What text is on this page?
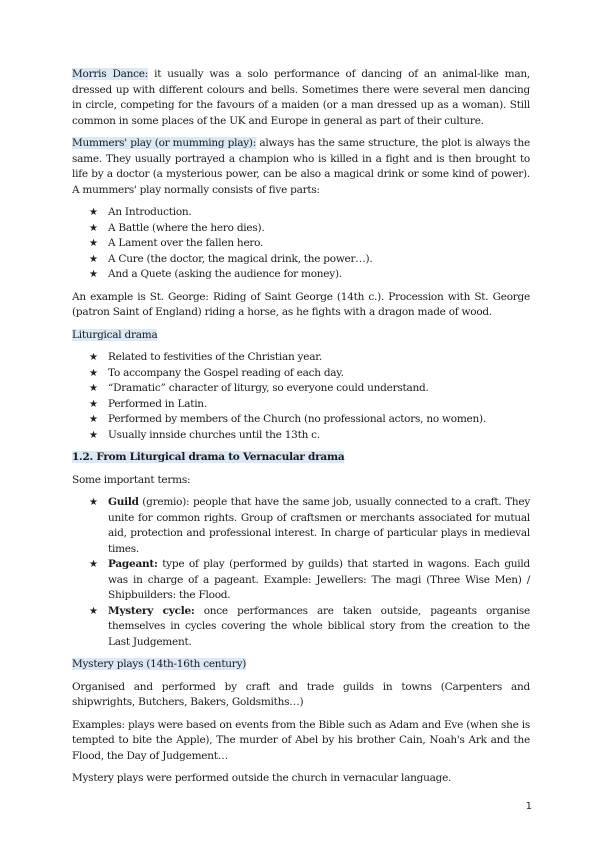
Morris Dance: it usually was a solo performance of dancing of an animal-like man, dressed up with different colours and bells. Sometimes there were several men dancing in circle, competing for the favours of a maiden (or a man dressed up as a woman). Still common in some places of the UK and Europe in general as part of their culture.

Mummers' play (or mumming play): always has the same structure, the plot is always the same. They usually portrayed a champion who is killed in a fight and is then brought to life by a doctor (a mysterious power, can be also a magical drink or some kind of power). A mummers' play normally consists of five parts:

★ An Introduction.
★ A Battle (where the hero dies).
★ A Lament over the fallen hero.
★ A Cure (the doctor, the magical drink, the power…).
★ And a Quete (asking the audience for money).

An example is St. George: Riding of Saint George (14th c.). Procession with St. George (patron Saint of England) riding a horse, as he fights with a dragon made of wood.

Liturgical drama

★ Related to festivities of the Christian year.
★ To accompany the Gospel reading of each day.
★ “Dramatic” character of liturgy, so everyone could understand.
★ Performed in Latin.
★ Performed by members of the Church (no professional actors, no women).
★ Usually innside churches until the 13th c.

1.2. From Liturgical drama to Vernacular drama

Some important terms:

★ Guild (gremio): people that have the same job, usually connected to a craft. They unite for common rights. Group of craftsmen or merchants associated for mutual aid, protection and professional interest. In charge of particular plays in medieval times.
★ Pageant: type of play (performed by guilds) that started in wagons. Each guild was in charge of a pageant. Example: Jewellers: The magi (Three Wise Men) / Shipbuilders: the Flood.
★ Mystery cycle: once performances are taken outside, pageants organise themselves in cycles covering the whole biblical story from the creation to the Last Judgement.

Mystery plays (14th-16th century)

Organised and performed by craft and trade guilds in towns (Carpenters and shipwrights, Butchers, Bakers, Goldsmiths…)

Examples: plays were based on events from the Bible such as Adam and Eve (when she is tempted to bite the Apple), The murder of Abel by his brother Cain, Noah's Ark and the Flood, the Day of Judgement…

Mystery plays were performed outside the church in vernacular language.

1
